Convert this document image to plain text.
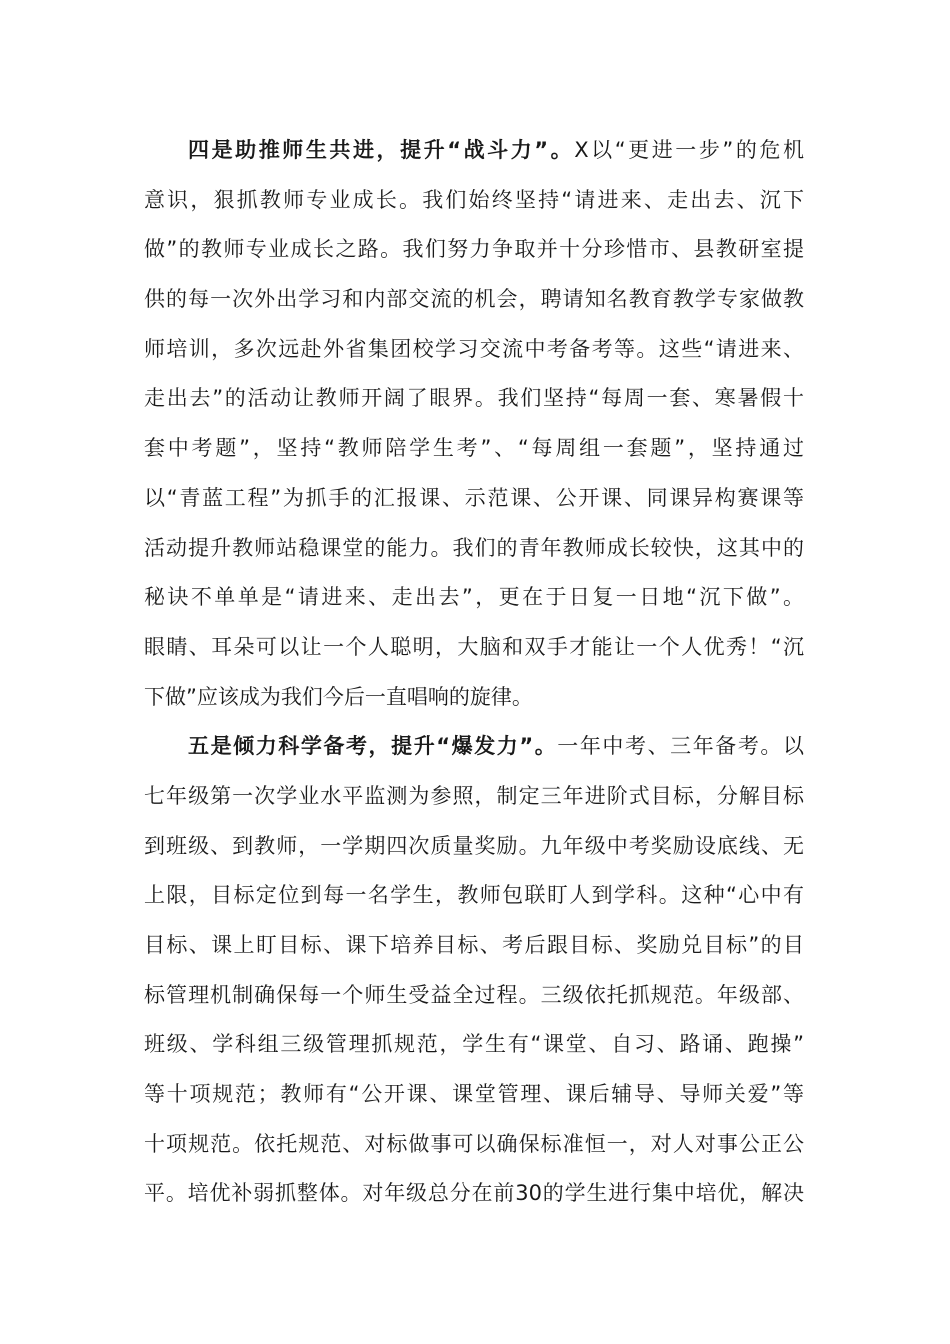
四是助推师生共进，提升“战斗力”。X以“更进一步”的危机
意识，狠抓教师专业成长。我们始终坚持“请进来、走出去、沉下
做”的教师专业成长之路。我们努力争取并十分珍惜市、县教研室提
供的每一次外出学习和内部交流的机会，聘请知名教育教学专家做教
师培训，多次远赴外省集团校学习交流中考备考等。这些“请进来、
走出去”的活动让教师开阔了眼界。我们坚持“每周一套、寒暑假十
套中考题”，坚持“教师陪学生考”、“每周组一套题”，坚持通过
以“青蓝工程”为抓手的汇报课、示范课、公开课、同课异构赛课等
活动提升教师站稳课堂的能力。我们的青年教师成长较快，这其中的
秘诀不单单是“请进来、走出去”，更在于日复一日地“沉下做”。
眼睛、耳朵可以让一个人聪明，大脑和双手才能让一个人优秀！“沉
下做”应该成为我们今后一直唱响的旋律。
五是倾力科学备考，提升“爆发力”。一年中考、三年备考。以
七年级第一次学业水平监测为参照，制定三年进阶式目标，分解目标
到班级、到教师，一学期四次质量奖励。九年级中考奖励设底线、无
上限，目标定位到每一名学生，教师包联盯人到学科。这种“心中有
目标、课上盯目标、课下培养目标、考后跟目标、奖励兑目标”的目
标管理机制确保每一个师生受益全过程。三级依托抓规范。年级部、
班级、学科组三级管理抓规范，学生有“课堂、自习、路诵、跑操”
等十项规范；教师有“公开课、课堂管理、课后辅导、导师关爱”等
十项规范。依托规范、对标做事可以确保标准恒一，对人对事公正公
平。培优补弱抓整体。对年级总分在前30的学生进行集中培优，解决
